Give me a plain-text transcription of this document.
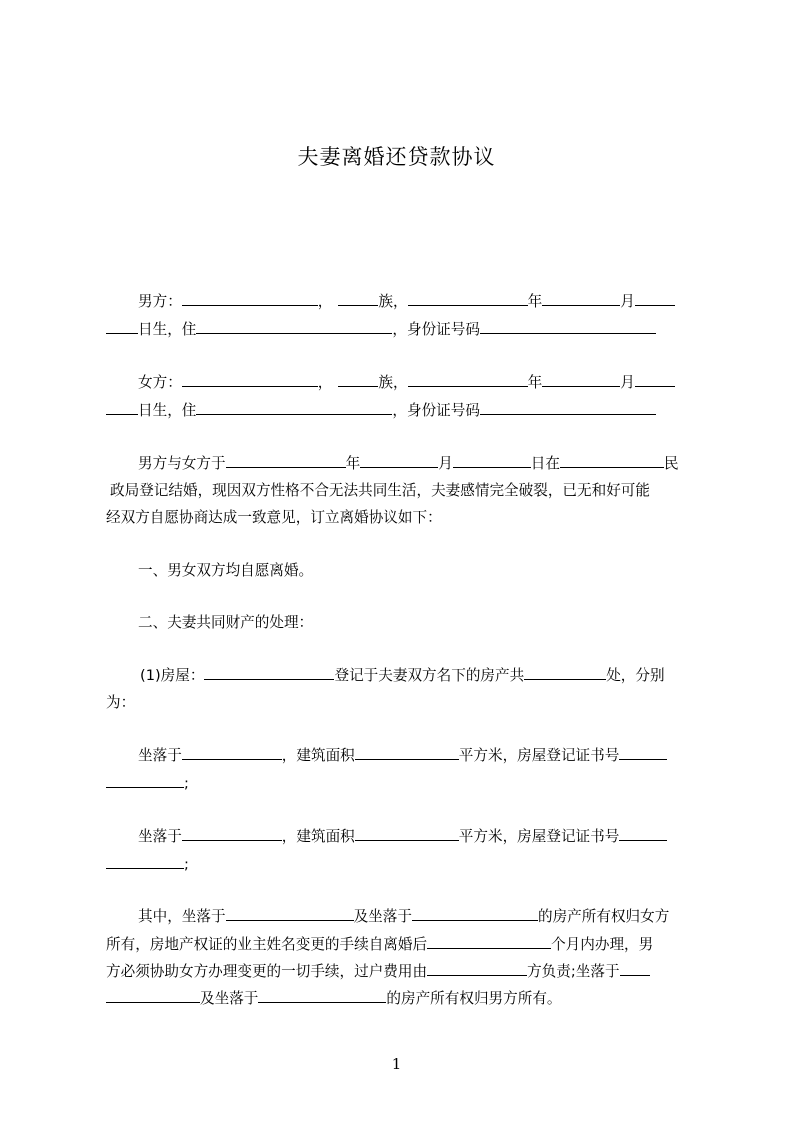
夫妻离婚还贷款协议
男方：	，	族，	年	月
日生，住	，身份证号码
女方：	，	族，	年	月
日生，住	，身份证号码
男方与女方于	年	月	日在	民
政局登记结婚，现因双方性格不合无法共同生活，夫妻感情完全破裂，已无和好可能
经双方自愿协商达成一致意见，订立离婚协议如下：
一、男女双方均自愿离婚。
二、夫妻共同财产的处理：
(1)房屋：	登记于夫妻双方名下的房产共	处，分别
为：
坐落于	，建筑面积	平方米，房屋登记证书号
;
坐落于	，建筑面积	平方米，房屋登记证书号
;
其中，坐落于	及坐落于	的房产所有权归女方
所有，房地产权证的业主姓名变更的手续自离婚后	个月内办理，男
方必须协助女方办理变更的一切手续，过户费用由	方负责;坐落于
及坐落于	的房产所有权归男方所有。
1
